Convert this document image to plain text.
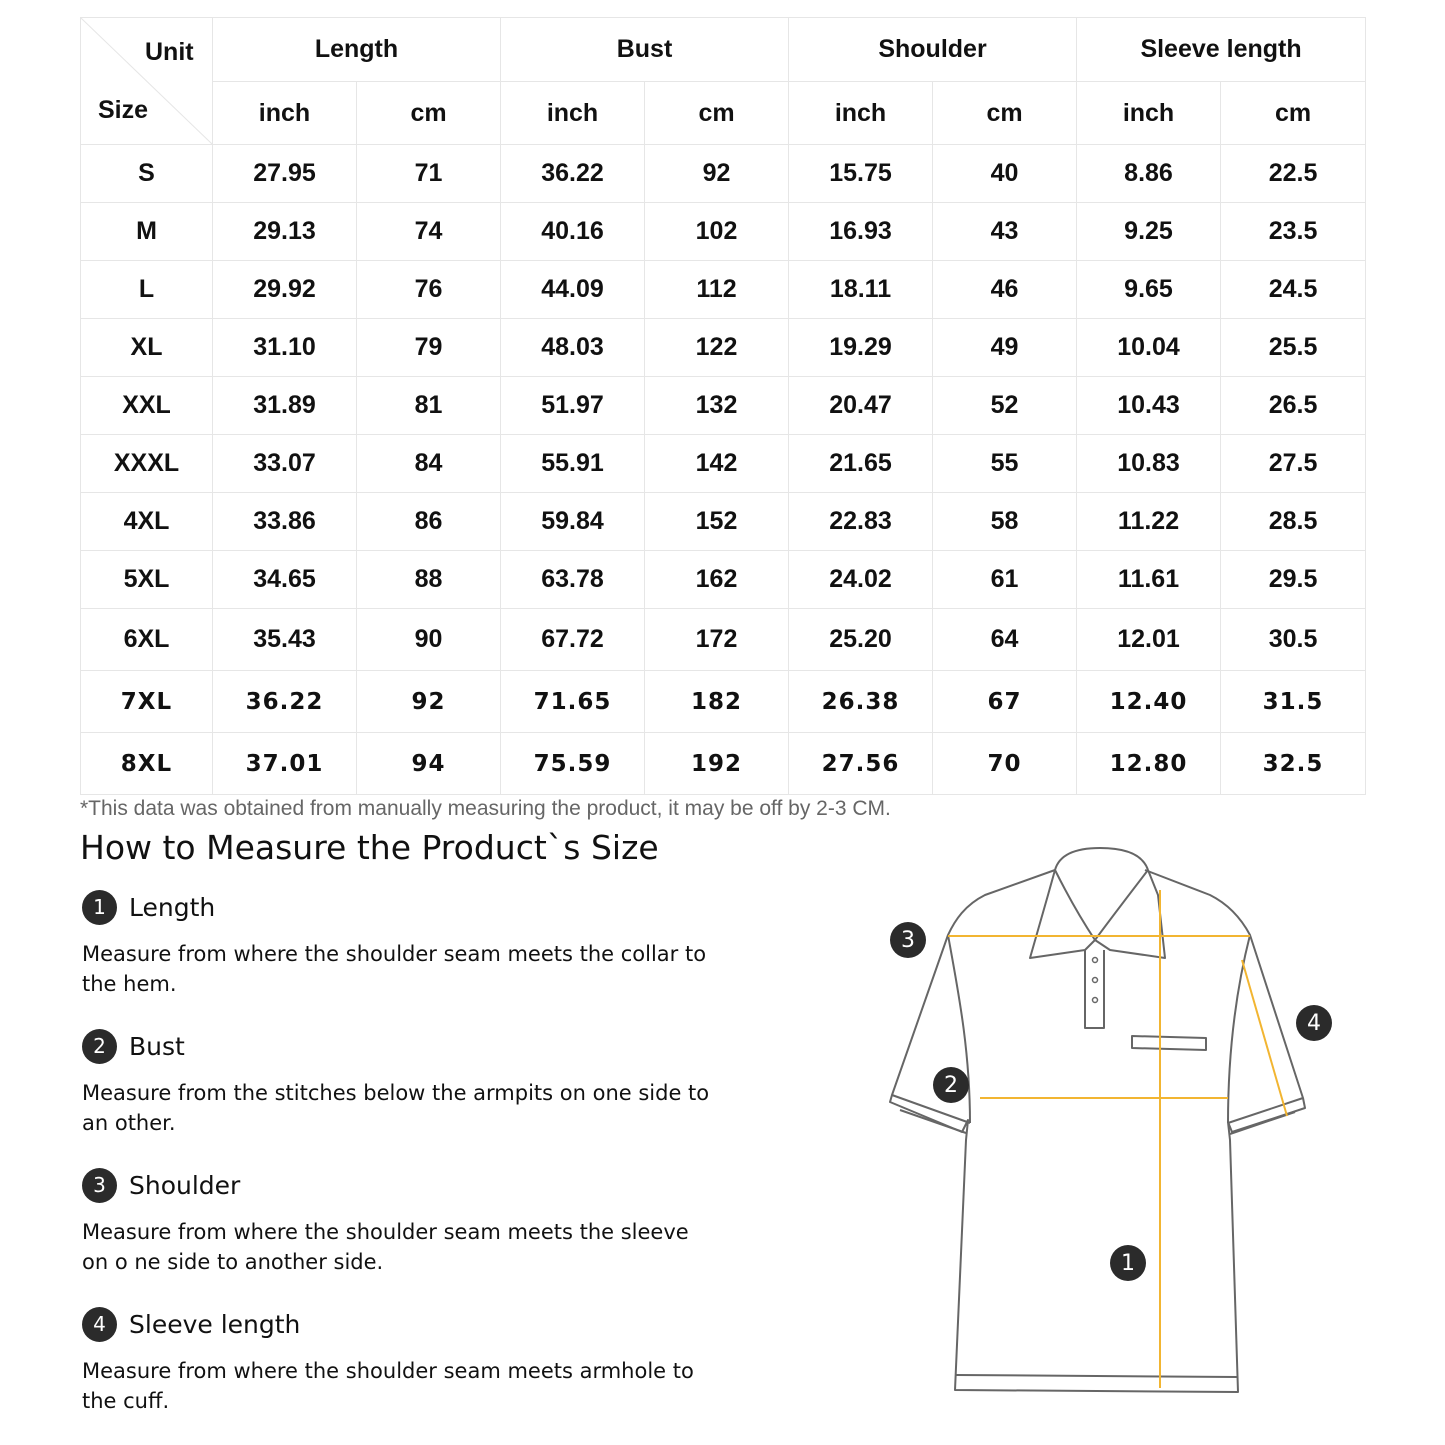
Unit
Size	Length		Bust		Shoulder		Sleeve length	
	inch	cm	inch	cm	inch	cm	inch	cm
S	27.95	71	36.22	92	15.75	40	8.86	22.5
M	29.13	74	40.16	102	16.93	43	9.25	23.5
L	29.92	76	44.09	112	18.11	46	9.65	24.5
XL	31.10	79	48.03	122	19.29	49	10.04	25.5
XXL	31.89	81	51.97	132	20.47	52	10.43	26.5
XXXL	33.07	84	55.91	142	21.65	55	10.83	27.5
4XL	33.86	86	59.84	152	22.83	58	11.22	28.5
5XL	34.65	88	63.78	162	24.02	61	11.61	29.5
6XL	35.43	90	67.72	172	25.20	64	12.01	30.5
7XL	36.22	92	71.65	182	26.38	67	12.40	31.5
8XL	37.01	94	75.59	192	27.56	70	12.80	32.5
*This data was obtained from manually measuring the product, it may be off by 2-3 CM.
How to Measure the Product`s Size
1 Length
Measure from where the shoulder seam meets the collar to the hem.
2 Bust
Measure from the stitches below the armpits on one side to an other.
3 Shoulder
Measure from where the shoulder seam meets the sleeve on o ne side to another side.
4 Sleeve length
Measure from where the shoulder seam meets armhole to the cuff.
1
2
3
4
